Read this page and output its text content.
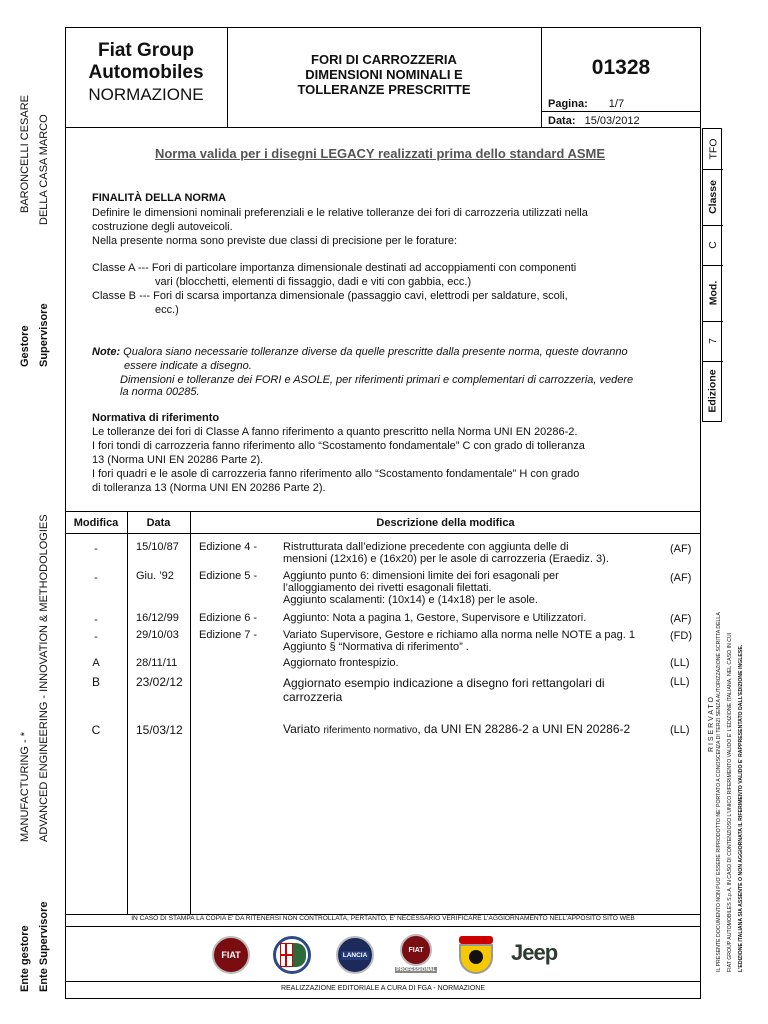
Fiat Group
Automobiles
NORMAZIONE
FORI DI CARROZZERIA
DIMENSIONI NOMINALI E
TOLLERANZE PRESCRITTE
01328
Pagina: 1/7
Data: 15/03/2012
BARONCELLI CESARE DELLA CASA MARCO
Gestore Supervisore
MANUFACTURING - * ADVANCED ENGINEERING - INNOVATION & METHODOLOGIES
Ente gestore Ente Supervisore
TFO
Classe
C
Mod.
7
Edizione
R I S E R V A T O IL PRESENTE DOCUMENTO NON PUO' ESSERE RIPRODOTTO NE' PORTATO A CONOSCENZA DI TERZI SENZA AUTORIZZAZIONE SCRITTA DELLA FIAT GROUP AUTOMOBILES S.p.A. IN CASO DI CONTENZIOSO L'UNICO RIFERIMENTO VALIDO E' L'EDIZIONE ITALIANA. NEL CASO IN CUI L'EDIZIONE ITALIANA SIA ASSENTE O NON AGGIORNATA IL RIFERIMENTO VALIDO E' RAPPRESENTATO DALL'EDIZIONE INGLESE.
Norma valida per i disegni LEGACY realizzati prima dello standard ASME
FINALITÀ DELLA NORMA
Definire le dimensioni nominali preferenziali e le relative tolleranze dei fori di carrozzeria utilizzati nella
costruzione degli autoveicoli.
Nella presente norma sono previste due classi di precisione per le forature:
Classe A --- Fori di particolare importanza dimensionale destinati ad accoppiamenti con componenti
vari (blocchetti, elementi di fissaggio, dadi e viti con gabbia, ecc.)
Classe B --- Fori di scarsa importanza dimensionale (passaggio cavi, elettrodi per saldature, scoli,
ecc.)
Note: Qualora siano necessarie tolleranze diverse da quelle prescritte dalla presente norma, queste dovranno
essere indicate a disegno.
Dimensioni e tolleranze dei FORI e ASOLE, per riferimenti primari e complementari di carrozzeria, vedere
la norma 00285.
Normativa di riferimento
Le tolleranze dei fori di Classe A fanno riferimento a quanto prescritto nella Norma UNI EN 20286-2.
I fori tondi di carrozzeria fanno riferimento allo “Scostamento fondamentale” C con grado di tolleranza
13 (Norma UNI EN 20286 Parte 2).
I fori quadri e le asole di carrozzeria fanno riferimento allo “Scostamento fondamentale” H con grado
di tolleranza 13 (Norma UNI EN 20286 Parte 2).
Modifica	Data	Descrizione della modifica
-	15/10/87 Edizione 4 - Ristrutturata dall’edizione precedente con aggiunta delle di
mensioni (12x16) e (16x20) per le asole di carrozzeria (Eraediz. 3).
(AF)
-	Giu. ’92 Edizione 5 - Aggiunto punto 6: dimensioni limite dei fori esagonali per
l’alloggiamento dei rivetti esagonali filettati.
Aggiunto scalamenti: (10x14) e (14x18) per le asole.
(AF)
-	16/12/99 Edizione 6 - Aggiunto: Nota a pagina 1, Gestore, Supervisore e Utilizzatori.	(AF)
-	29/10/03 Edizione 7 - Variato Supervisore, Gestore e richiamo alla norma nelle NOTE a pag. 1
Aggiunto § “Normativa di riferimento” .
(FD)
A	28/11/11	Aggiornato frontespizio.	(LL)
B	23/02/12	Aggiornato esempio indicazione a disegno fori rettangolari di
carrozzeria
(LL)
C	15/03/12	Variato riferimento normativo, da UNI EN 28286-2 a UNI EN 20286-2	(LL)
IN CASO DI STAMPA LA COPIA E' DA RITENERSI NON CONTROLLATA, PERTANTO, E' NECESSARIO VERIFICARE L'AGGIORNAMENTO NELL'APPOSITO SITO WEB
FIAT	LANCIA
FIAT
PROFESSIONAL
Jeep
REALIZZAZIONE EDITORIALE A CURA DI FGA - NORMAZIONE
